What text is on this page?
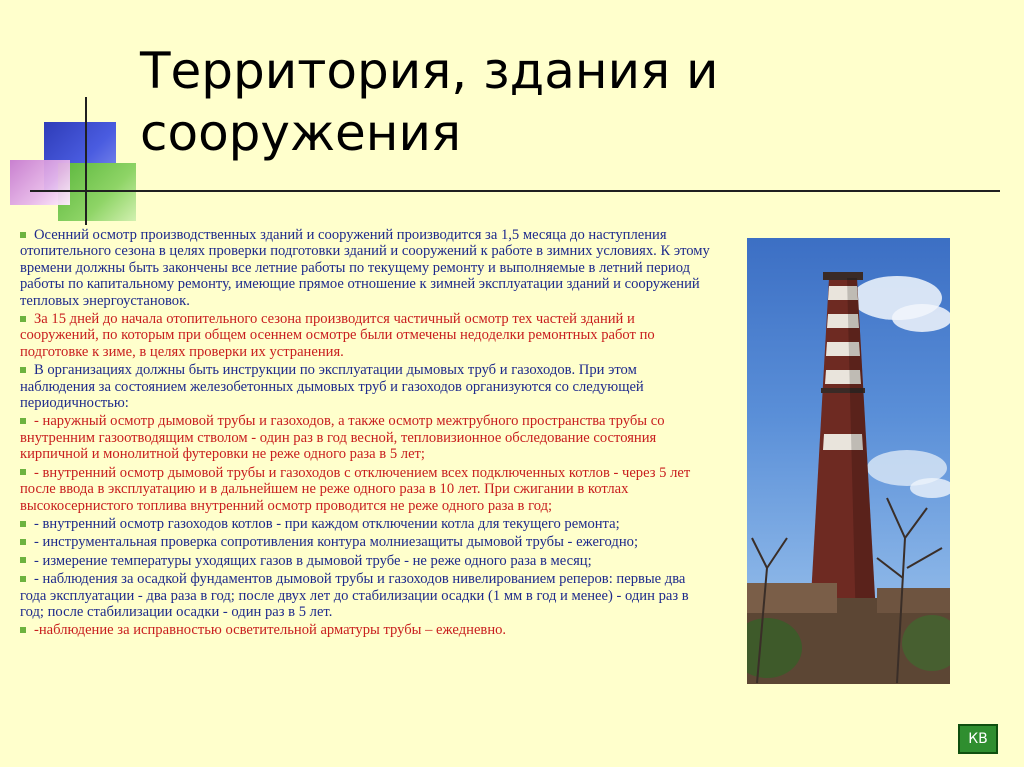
Территория, здания и сооружения
Осенний осмотр производственных зданий и сооружений производится за 1,5 месяца до наступления отопительного сезона в целях проверки подготовки зданий и сооружений к работе в зимних условиях. К этому времени должны быть закончены все летние работы по текущему ремонту и выполняемые в летний период работы по капитальному ремонту, имеющие прямое отношение к зимней эксплуатации зданий и сооружений тепловых энергоустановок.
За 15 дней до начала отопительного сезона производится частичный осмотр тех частей зданий и сооружений, по которым при общем осеннем осмотре были отмечены недоделки ремонтных работ по подготовке к зиме, в целях проверки их устранения.
В организациях должны быть инструкции по эксплуатации дымовых труб и газоходов. При этом наблюдения за состоянием железобетонных дымовых труб и газоходов организуются со следующей периодичностью:
- наружный осмотр дымовой трубы и газоходов, а также осмотр межтрубного пространства трубы со внутренним газоотводящим стволом - один раз в год весной, тепловизионное обследование состояния кирпичной и монолитной футеровки не реже одного раза в 5 лет;
- внутренний осмотр дымовой трубы и газоходов с отключением всех подключенных котлов - через 5 лет после ввода в эксплуатацию и в дальнейшем не реже одного раза в 10 лет. При сжигании в котлах высокосернистого топлива внутренний осмотр проводится не реже одного раза в год;
- внутренний осмотр газоходов котлов - при каждом отключении котла для текущего ремонта;
- инструментальная проверка сопротивления контура молниезащиты дымовой трубы - ежегодно;
- измерение температуры уходящих газов в дымовой трубе - не реже одного раза в месяц;
- наблюдения за осадкой фундаментов дымовой трубы и газоходов нивелированием реперов: первые два года эксплуатации - два раза в год; после двух лет до стабилизации осадки (1 мм в год и менее) - один раз в год; после стабилизации осадки - один раз в 5 лет.
-наблюдение за исправностью осветительной арматуры трубы – ежедневно.
КВ
